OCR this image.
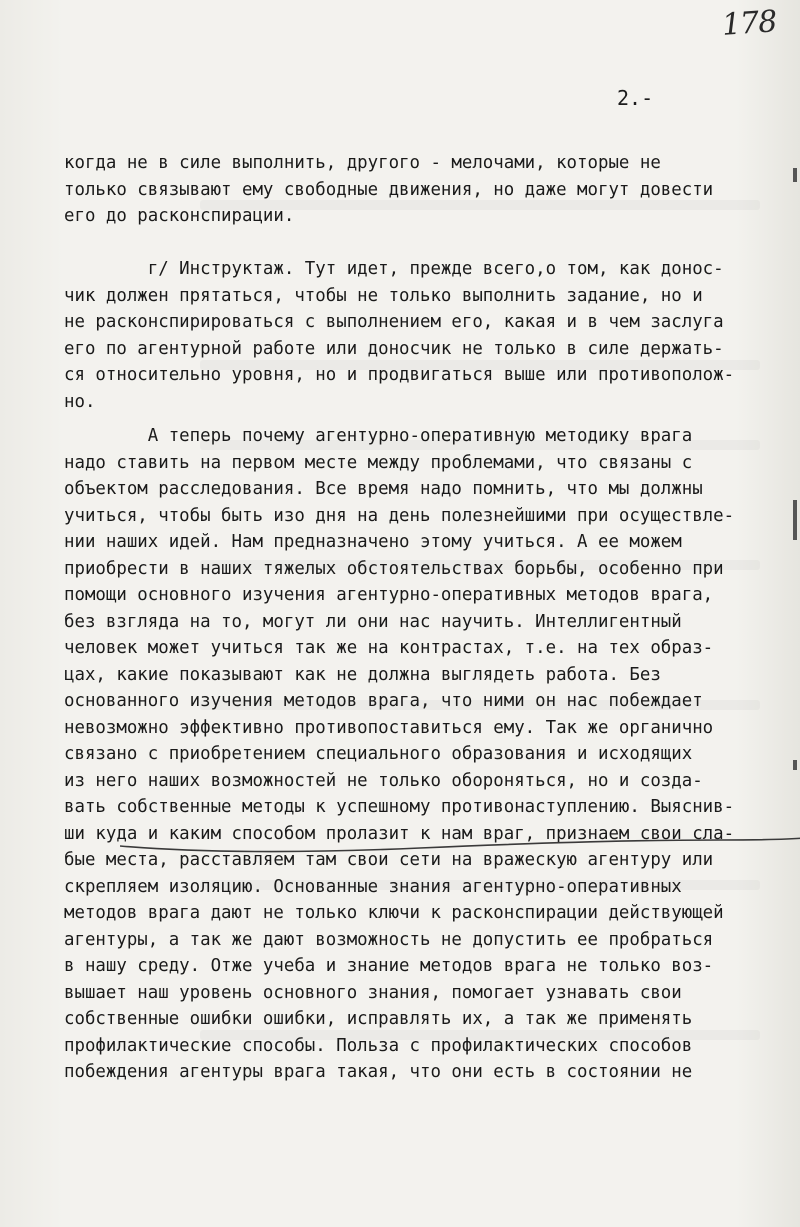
178
2.-
когда не в силе выполнить, другого - мелочами, которые не
только связывают ему свободные движения, но даже могут довести
его до расконспирации.
г/ Инструктаж. Тут идет, прежде всего,о том, как донос-
чик должен прятаться, чтобы не только выполнить задание, но и
не расконспирироваться с выполнением его, какая и в чем заслуга
его по агентурной работе или доносчик не только в силе держать-
ся относительно уровня, но и продвигаться выше или противополож-
но.
А теперь почему агентурно-оперативную методику врага
надо ставить на первом месте между проблемами, что связаны с
объектом расследования. Все время надо помнить, что мы должны
учиться, чтобы быть изо дня на день полезнейшими при осуществле-
нии наших идей. Нам предназначено этому учиться. А ее можем
приобрести в наших тяжелых обстоятельствах борьбы, особенно при
помощи основного изучения агентурно-оперативных методов врага,
без взгляда на то, могут ли они нас научить. Интеллигентный
человек может учиться так же на контрастах, т.е. на тех образ-
цах, какие показывают как не должна выглядеть работа. Без
основанного изучения методов врага, что ними он нас побеждает
невозможно эффективно противопоставиться ему. Так же органично
связано с приобретением специального образования и исходящих
из него наших возможностей не только обороняться, но и созда-
вать собственные методы к успешному противонаступлению. Выяснив-
ши куда и каким способом пролазит к нам враг, признаем свои сла-
бые места, расставляем там свои сети на вражескую агентуру или
скрепляем изоляцию. Основанные знания агентурно-оперативных
методов врага дают не только ключи к расконспирации действующей
агентуры, а так же дают возможность не допустить ее пробраться
в нашу среду. Отже учеба и знание методов врага не только воз-
вышает наш уровень основного знания, помогает узнавать свои
собственные ошибки ошибки, исправлять их, а так же применять
профилактические способы. Польза с профилактических способов
побеждения агентуры врага такая, что они есть в состоянии не
